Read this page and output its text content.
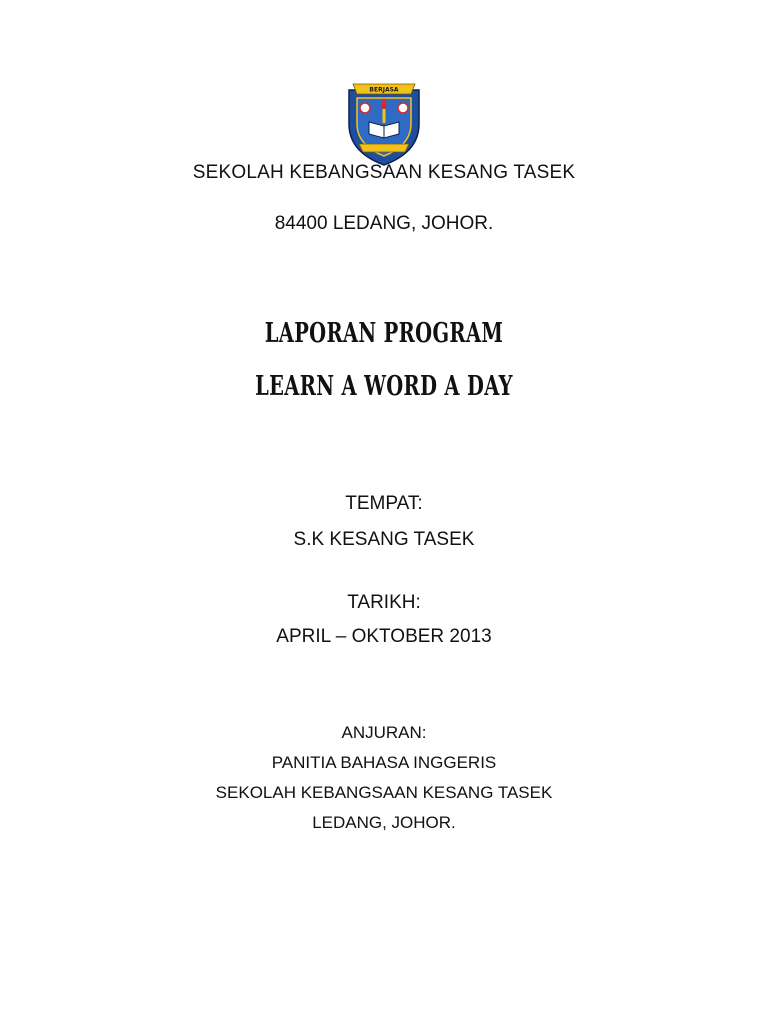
BERJASA
SEKOLAH KEBANGSAAN KESANG TASEK
84400 LEDANG, JOHOR.
LAPORAN PROGRAM
LEARN A WORD A DAY
TEMPAT:
S.K KESANG TASEK
TARIKH:
APRIL – OKTOBER 2013
ANJURAN:
PANITIA BAHASA INGGERIS
SEKOLAH KEBANGSAAN KESANG TASEK
LEDANG, JOHOR.
